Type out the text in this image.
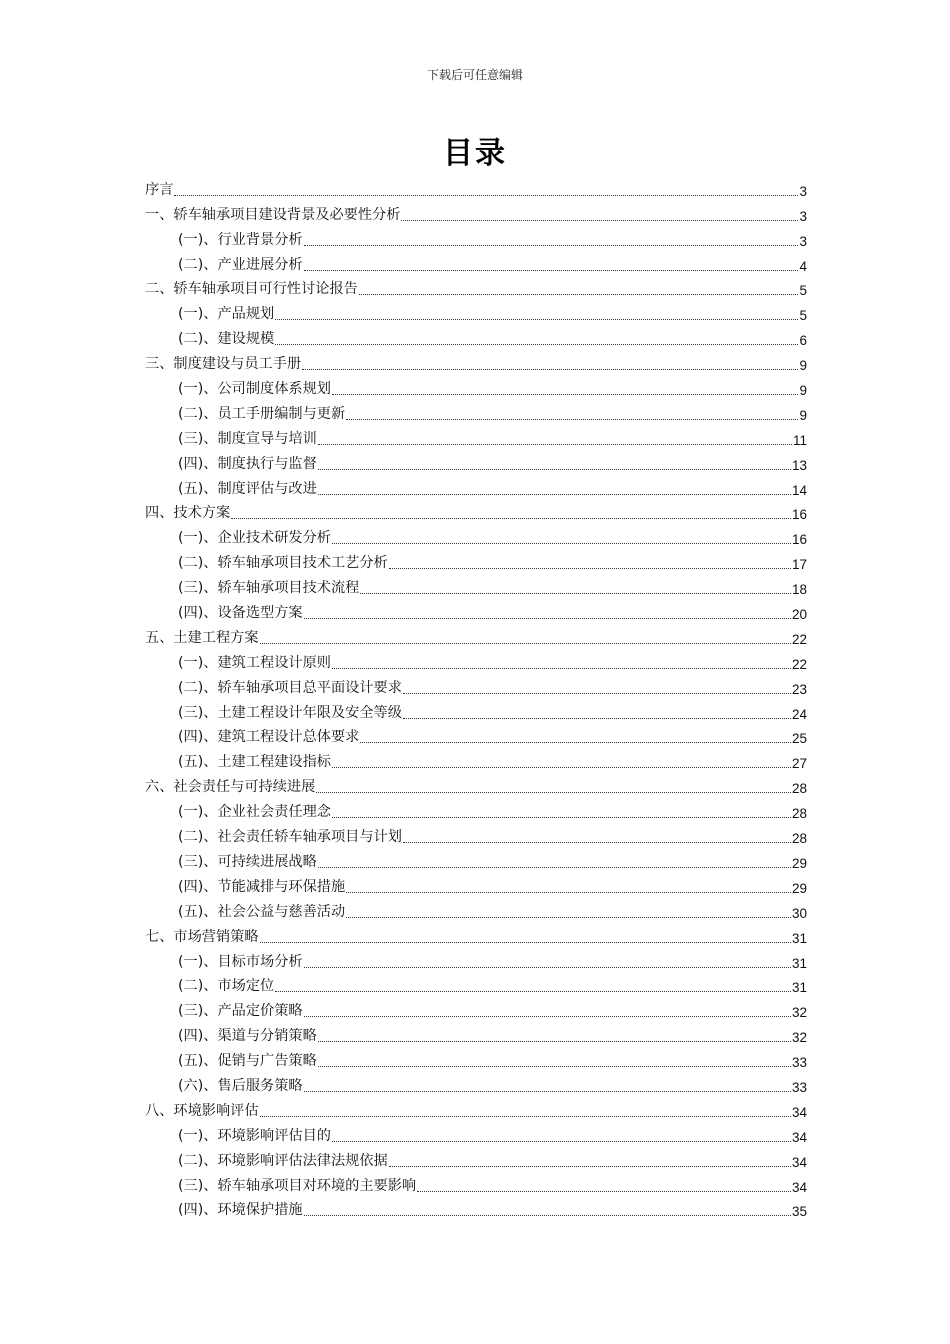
下载后可任意编辑
目录
序言	3
一、轿车轴承项目建设背景及必要性分析	3
(一)、行业背景分析	3
(二)、产业进展分析	4
二、轿车轴承项目可行性讨论报告	5
(一)、产品规划	5
(二)、建设规模	6
三、制度建设与员工手册	9
(一)、公司制度体系规划	9
(二)、员工手册编制与更新	9
(三)、制度宣导与培训	11
(四)、制度执行与监督	13
(五)、制度评估与改进	14
四、技术方案	16
(一)、企业技术研发分析	16
(二)、轿车轴承项目技术工艺分析	17
(三)、轿车轴承项目技术流程	18
(四)、设备选型方案	20
五、土建工程方案	22
(一)、建筑工程设计原则	22
(二)、轿车轴承项目总平面设计要求	23
(三)、土建工程设计年限及安全等级	24
(四)、建筑工程设计总体要求	25
(五)、土建工程建设指标	27
六、社会责任与可持续进展	28
(一)、企业社会责任理念	28
(二)、社会责任轿车轴承项目与计划	28
(三)、可持续进展战略	29
(四)、节能减排与环保措施	29
(五)、社会公益与慈善活动	30
七、市场营销策略	31
(一)、目标市场分析	31
(二)、市场定位	31
(三)、产品定价策略	32
(四)、渠道与分销策略	32
(五)、促销与广告策略	33
(六)、售后服务策略	33
八、环境影响评估	34
(一)、环境影响评估目的	34
(二)、环境影响评估法律法规依据	34
(三)、轿车轴承项目对环境的主要影响	34
(四)、环境保护措施	35
